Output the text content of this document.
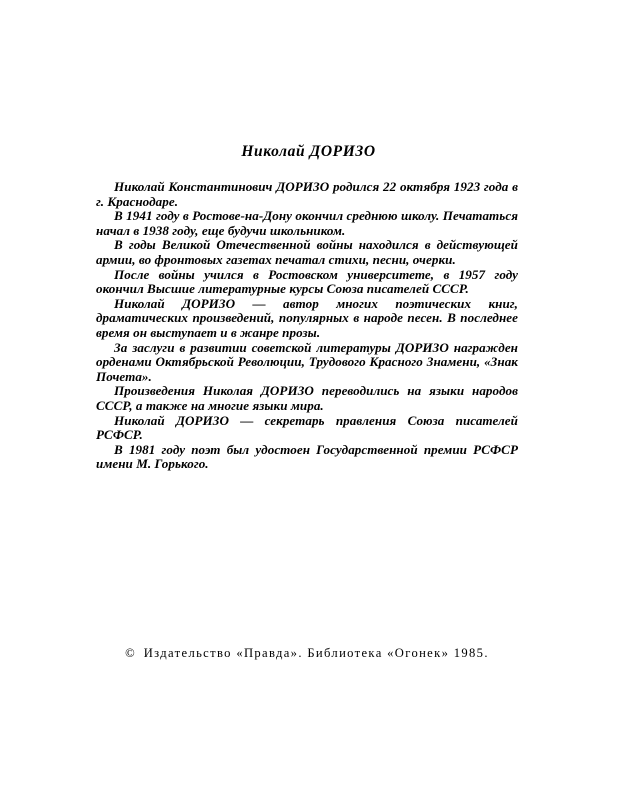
Николай ДОРИЗО

Николай Константинович ДОРИЗО родился 22 октября 1923 года в г. Краснодаре.

В 1941 году в Ростове-на-Дону окончил среднюю школу. Печататься начал в 1938 году, еще будучи школьником.

В годы Великой Отечественной войны находился в действующей армии, во фронтовых газетах печатал стихи, песни, очерки.

После войны учился в Ростовском университете, в 1957 году окончил Высшие литературные курсы Союза писателей СССР.

Николай ДОРИЗО — автор многих поэтических книг, драматических произведений, популярных в народе песен. В последнее время он выступает и в жанре прозы.

За заслуги в развитии советской литературы ДОРИЗО награжден орденами Октябрьской Революции, Трудового Красного Знамени, «Знак Почета».

Произведения Николая ДОРИЗО переводились на языки народов СССР, а также на многие языки мира.

Николай ДОРИЗО — секретарь правления Союза писателей РСФСР.

В 1981 году поэт был удостоен Государственной премии РСФСР имени М. Горького.

© Издательство «Правда». Библиотека «Огонек» 1985.
